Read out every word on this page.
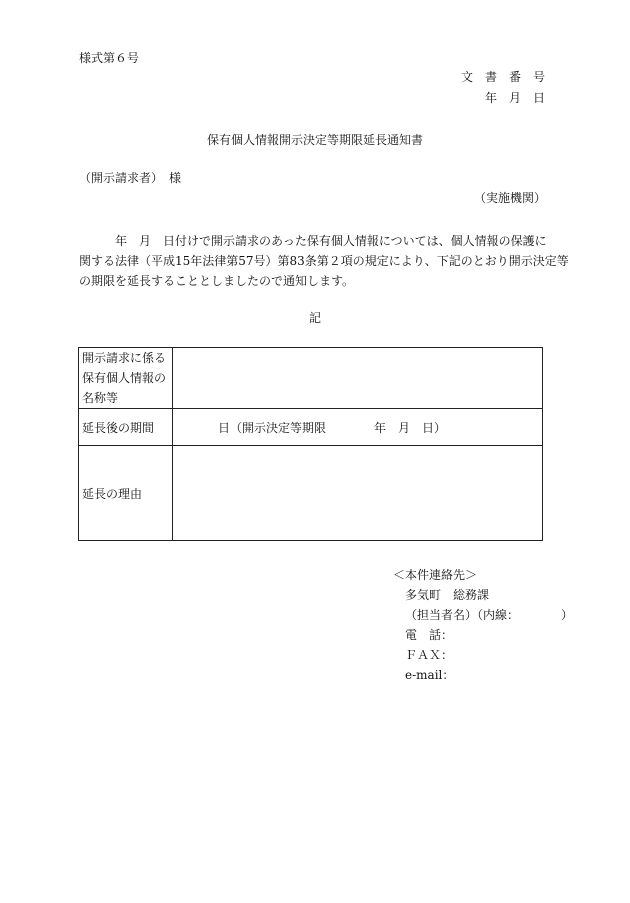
様式第６号
文　書　番　号
年　月　日
保有個人情報開示決定等期限延長通知書
（開示請求者）　様
（実施機関）
　　　年　月　日付けで開示請求のあった保有個人情報については、個人情報の保護に
関する法律（平成15年法律第57号）第83条第２項の規定により、下記のとおり開示決定等
の期限を延長することとしましたので通知します。
記
開示請求に係る
保有個人情報の
名称等	

延長後の期間	日（開示決定等期限　　　　年　月　日）
延長の理由	
＜本件連絡先＞
多気町　総務課
（担当者名）（内線：　　　　）
電　話：
ＦＡＸ：
e-mail：
